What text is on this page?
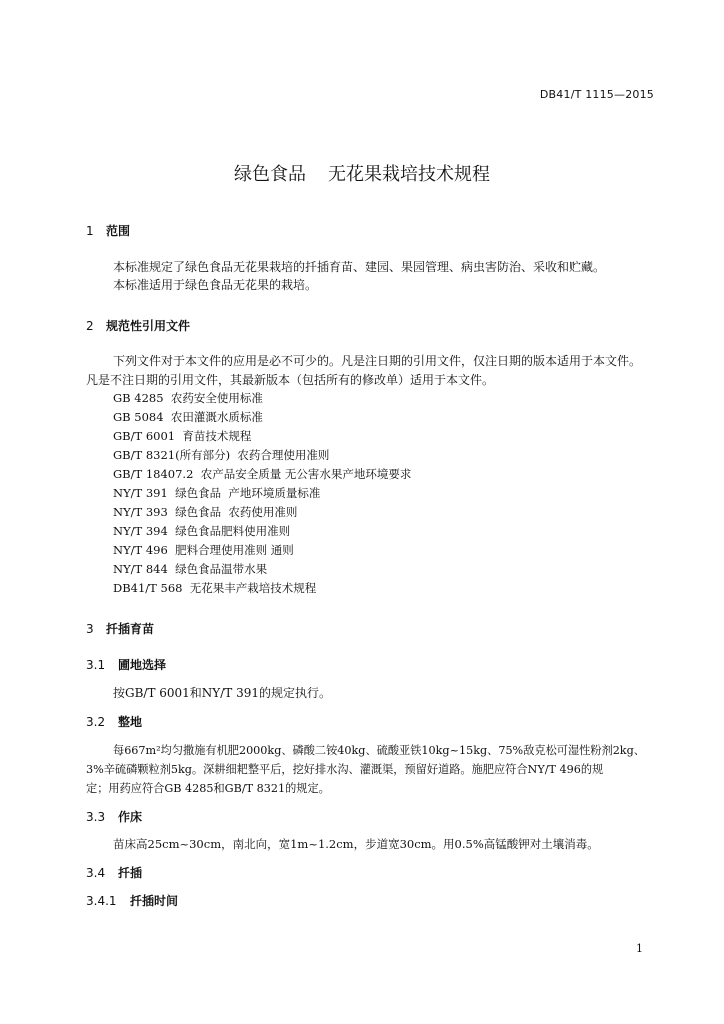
DB41/T 1115—2015
绿色食品 无花果栽培技术规程
1 范围
本标准规定了绿色食品无花果栽培的扦插育苗、建园、果园管理、病虫害防治、采收和贮藏。
本标准适用于绿色食品无花果的栽培。
2 规范性引用文件
下列文件对于本文件的应用是必不可少的。凡是注日期的引用文件，仅注日期的版本适用于本文件。
凡是不注日期的引用文件，其最新版本（包括所有的修改单）适用于本文件。
GB 4285  农药安全使用标准
GB 5084  农田灌溉水质标准
GB/T 6001  育苗技术规程
GB/T 8321(所有部分)  农药合理使用准则
GB/T 18407.2  农产品安全质量 无公害水果产地环境要求
NY/T 391  绿色食品  产地环境质量标准
NY/T 393  绿色食品  农药使用准则
NY/T 394  绿色食品肥料使用准则
NY/T 496  肥料合理使用准则 通则
NY/T 844  绿色食品温带水果
DB41/T 568  无花果丰产栽培技术规程
3 扦插育苗
3.1 圃地选择
按GB/T 6001和NY/T 391的规定执行。
3.2 整地
每667m²均匀撒施有机肥2000kg、磷酸二铵40kg、硫酸亚铁10kg~15kg、75%敌克松可湿性粉剂2kg、
3%辛硫磷颗粒剂5kg。深耕细耙整平后，挖好排水沟、灌溉渠，预留好道路。施肥应符合NY/T 496的规
定；用药应符合GB 4285和GB/T 8321的规定。
3.3 作床
苗床高25cm~30cm，南北向，宽1m~1.2cm，步道宽30cm。用0.5%高锰酸钾对土壤消毒。
3.4 扦插
3.4.1 扦插时间
1
